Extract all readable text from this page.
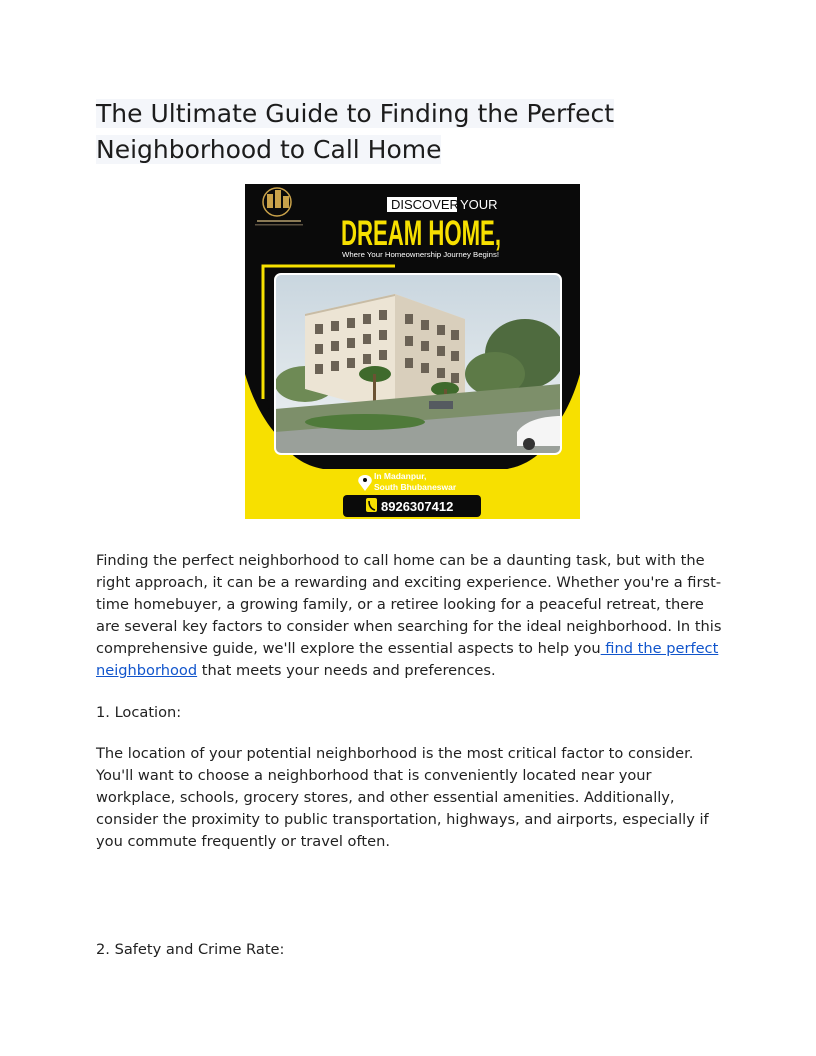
The Ultimate Guide to Finding the Perfect
Neighborhood to Call Home
DISCOVER YOUR
DREAM HOME,
Where Your Homeownership Journey Begins!
In Madanpur,
South Bhubaneswar
8926307412

Finding the perfect neighborhood to call home can be a daunting task, but with the right approach, it can be a rewarding and exciting experience. Whether you're a first-time homebuyer, a growing family, or a retiree looking for a peaceful retreat, there are several key factors to consider when searching for the ideal neighborhood. In this comprehensive guide, we'll explore the essential aspects to help you find the perfect neighborhood that meets your needs and preferences.

1. Location:

The location of your potential neighborhood is the most critical factor to consider. You'll want to choose a neighborhood that is conveniently located near your workplace, schools, grocery stores, and other essential amenities. Additionally, consider the proximity to public transportation, highways, and airports, especially if you commute frequently or travel often.

2. Safety and Crime Rate:
